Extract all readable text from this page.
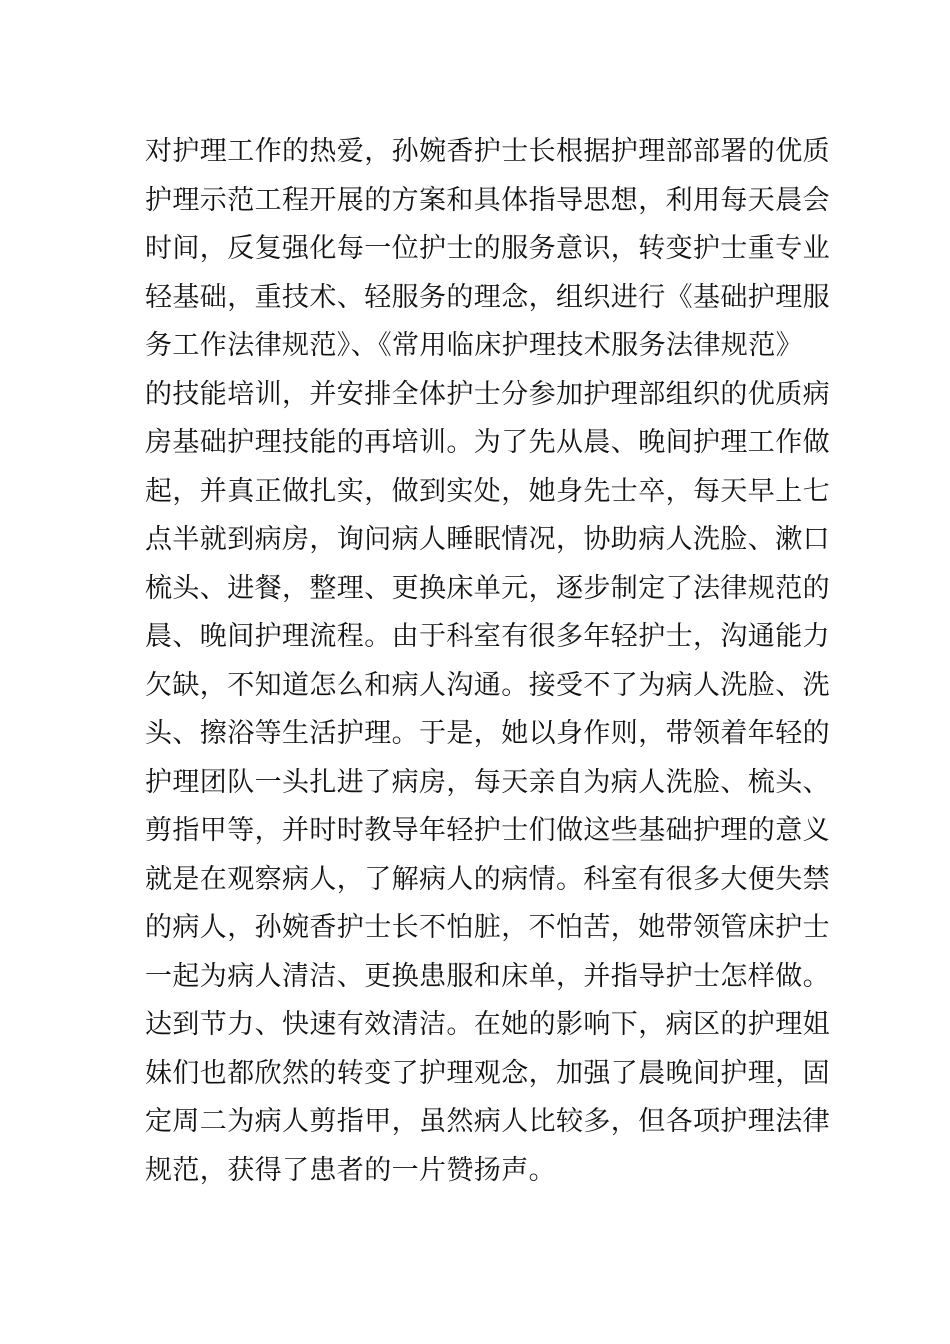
对护理工作的热爱，孙婉香护士长根据护理部部署的优质
护理示范工程开展的方案和具体指导思想，利用每天晨会
时间，反复强化每一位护士的服务意识，转变护士重专业
轻基础，重技术、轻服务的理念，组织进行《基础护理服
务工作法律规范》、《常用临床护理技术服务法律规范》
的技能培训，并安排全体护士分参加护理部组织的优质病
房基础护理技能的再培训。为了先从晨、晚间护理工作做
起，并真正做扎实，做到实处，她身先士卒，每天早上七
点半就到病房，询问病人睡眠情况，协助病人洗脸、漱口
梳头、进餐，整理、更换床单元，逐步制定了法律规范的
晨、晚间护理流程。由于科室有很多年轻护士，沟通能力
欠缺，不知道怎么和病人沟通。接受不了为病人洗脸、洗
头、擦浴等生活护理。于是，她以身作则，带领着年轻的
护理团队一头扎进了病房，每天亲自为病人洗脸、梳头、
剪指甲等，并时时教导年轻护士们做这些基础护理的意义
就是在观察病人，了解病人的病情。科室有很多大便失禁
的病人，孙婉香护士长不怕脏，不怕苦，她带领管床护士
一起为病人清洁、更换患服和床单，并指导护士怎样做。
达到节力、快速有效清洁。在她的影响下，病区的护理姐
妹们也都欣然的转变了护理观念，加强了晨晚间护理，固
定周二为病人剪指甲，虽然病人比较多，但各项护理法律
规范，获得了患者的一片赞扬声。
